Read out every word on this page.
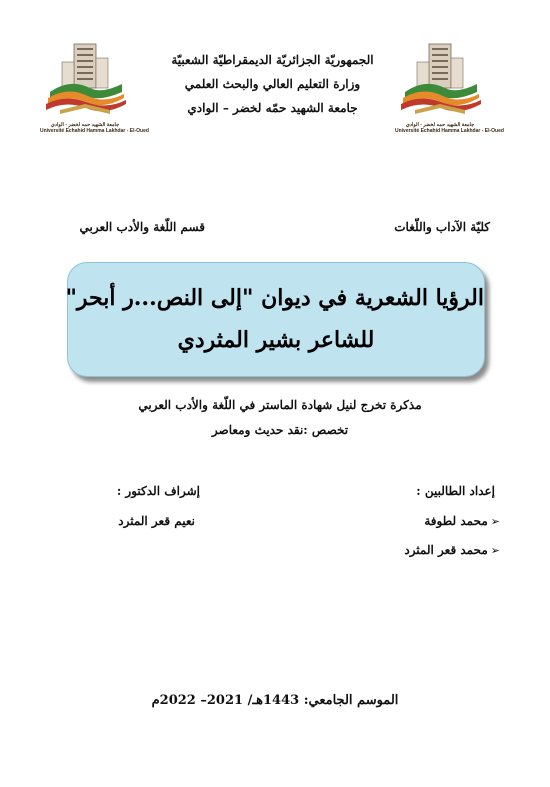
جامعة الشهيد حمه لخضر - الوادي
Université Echahid Hamma Lakhdar - El-Oued
جامعة الشهيد حمه لخضر - الوادي
Université Echahid Hamma Lakhdar - El-Oued
الجمهوريّة الجزائريّة الديمقراطيّة الشعبيّة
وزارة التعليم العالي والبحث العلمي
جامعة الشهيد حمّه لخضر – الوادي
كليّة الآداب واللّغات
قسم اللّغة والأدب العربي
الرؤيا الشعرية في ديوان "إلى النص...ر أبحر"
للشاعر بشير المثردي
مذكرة تخرج لنيل شهادة الماستر في اللّغة والأدب العربي
تخصص :نقد حديث ومعاصر
إعداد الطالبين :
➢محمد لطوفة
➢محمد قعر المثرد
إشراف الدكتور :
نعيم قعر المثرد
الموسم الجامعي: 1443هـ/ 2021– 2022م
